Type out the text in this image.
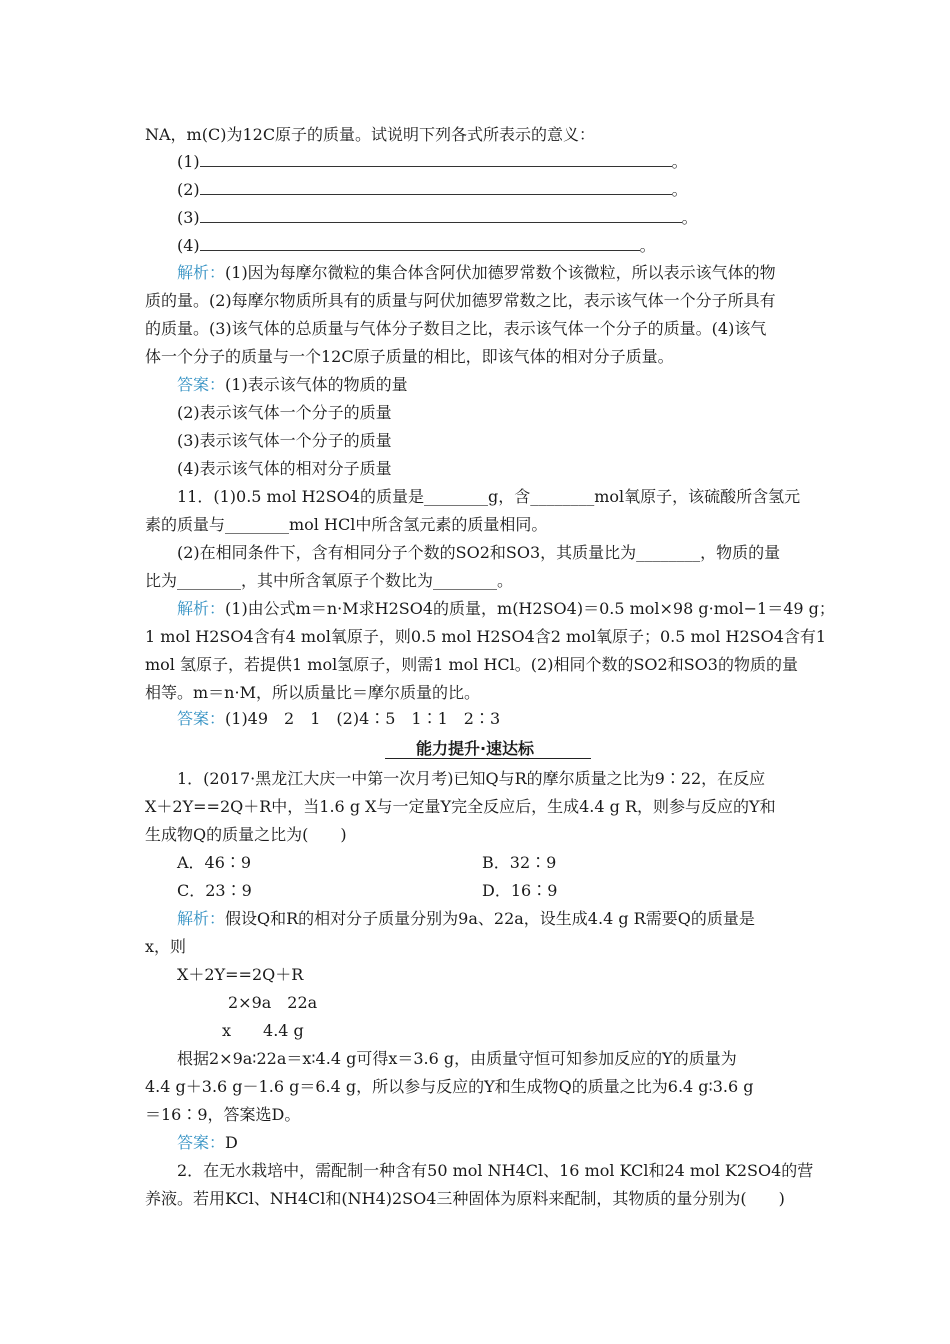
NA，m(C)为12C原子的质量。试说明下列各式所表示的意义：
(1)	。
(2)	。
(3)	。
(4)	。
解析：(1)因为每摩尔微粒的集合体含阿伏加德罗常数个该微粒，所以表示该气体的物
质的量。(2)每摩尔物质所具有的质量与阿伏加德罗常数之比，表示该气体一个分子所具有
的质量。(3)该气体的总质量与气体分子数目之比，表示该气体一个分子的质量。(4)该气
体一个分子的质量与一个12C原子质量的相比，即该气体的相对分子质量。
答案：(1)表示该气体的物质的量
(2)表示该气体一个分子的质量
(3)表示该气体一个分子的质量
(4)表示该气体的相对分子质量
11．(1)0.5 mol H2SO4的质量是________g，含________mol氧原子，该硫酸所含氢元
素的质量与________mol HCl中所含氢元素的质量相同。
(2)在相同条件下，含有相同分子个数的SO2和SO3，其质量比为________，物质的量
比为________，其中所含氧原子个数比为________。
解析：(1)由公式m＝n·M求H2SO4的质量，m(H2SO4)＝0.5 mol×98 g·mol−1＝49 g；
1 mol H2SO4含有4 mol氧原子，则0.5 mol H2SO4含2 mol氧原子；0.5 mol H2SO4含有1
mol 氢原子，若提供1 mol氢原子，则需1 mol HCl。(2)相同个数的SO2和SO3的物质的量
相等。m＝n·M，所以质量比＝摩尔质量的比。
答案：(1)49　2　1　(2)4∶5　1∶1　2∶3
能力提升·速达标
1．(2017·黑龙江大庆一中第一次月考)已知Q与R的摩尔质量之比为9∶22，在反应
X＋2Y==2Q＋R中，当1.6 g X与一定量Y完全反应后，生成4.4 g R，则参与反应的Y和
生成物Q的质量之比为(　　)
A．46∶9	B．32∶9
C．23∶9	D．16∶9
解析：假设Q和R的相对分子质量分别为9a、22a，设生成4.4 g R需要Q的质量是
x，则
X＋2Y==2Q＋R
2×9a　22a
x　　4.4 g
根据2×9a∶22a＝x∶4.4 g可得x＝3.6 g，由质量守恒可知参加反应的Y的质量为
4.4 g＋3.6 g－1.6 g＝6.4 g，所以参与反应的Y和生成物Q的质量之比为6.4 g∶3.6 g
＝16∶9，答案选D。
答案：D
2．在无水栽培中，需配制一种含有50 mol NH4Cl、16 mol KCl和24 mol K2SO4的营
养液。若用KCl、NH4Cl和(NH4)2SO4三种固体为原料来配制，其物质的量分别为(　　)
